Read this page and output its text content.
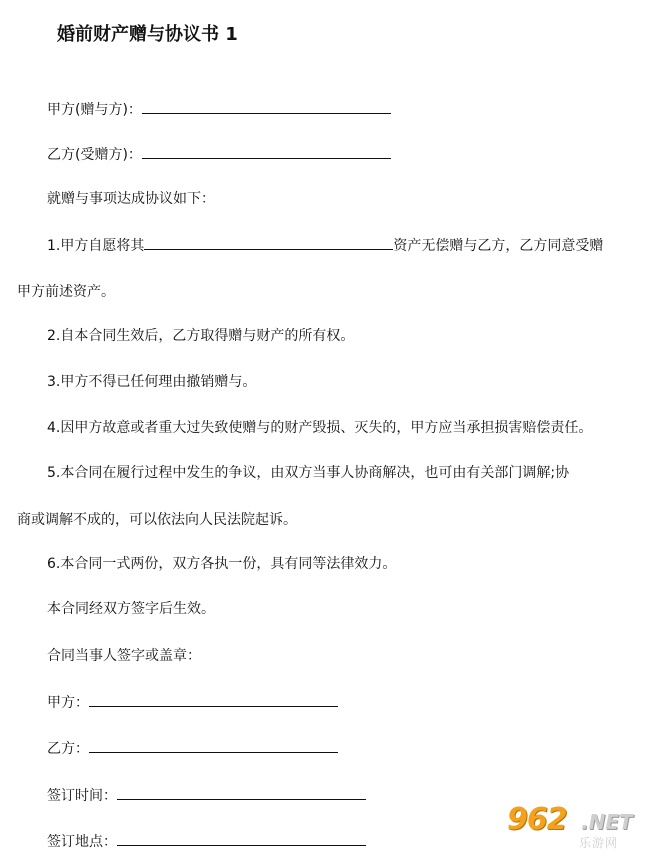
婚前财产赠与协议书 1
甲方(赠与方)：
乙方(受赠方)：
就赠与事项达成协议如下：
1.甲方自愿将其	资产无偿赠与乙方，乙方同意受赠
甲方前述资产。
2.自本合同生效后，乙方取得赠与财产的所有权。
3.甲方不得已任何理由撤销赠与。
4.因甲方故意或者重大过失致使赠与的财产毁损、灭失的，甲方应当承担损害赔偿责任。
5.本合同在履行过程中发生的争议，由双方当事人协商解决，也可由有关部门调解;协
商或调解不成的，可以依法向人民法院起诉。
6.本合同一式两份，双方各执一份，具有同等法律效力。
本合同经双方签字后生效。
合同当事人签字或盖章：
甲方：
乙方：
签订时间：
签订地点：
962 .NET
乐游网
